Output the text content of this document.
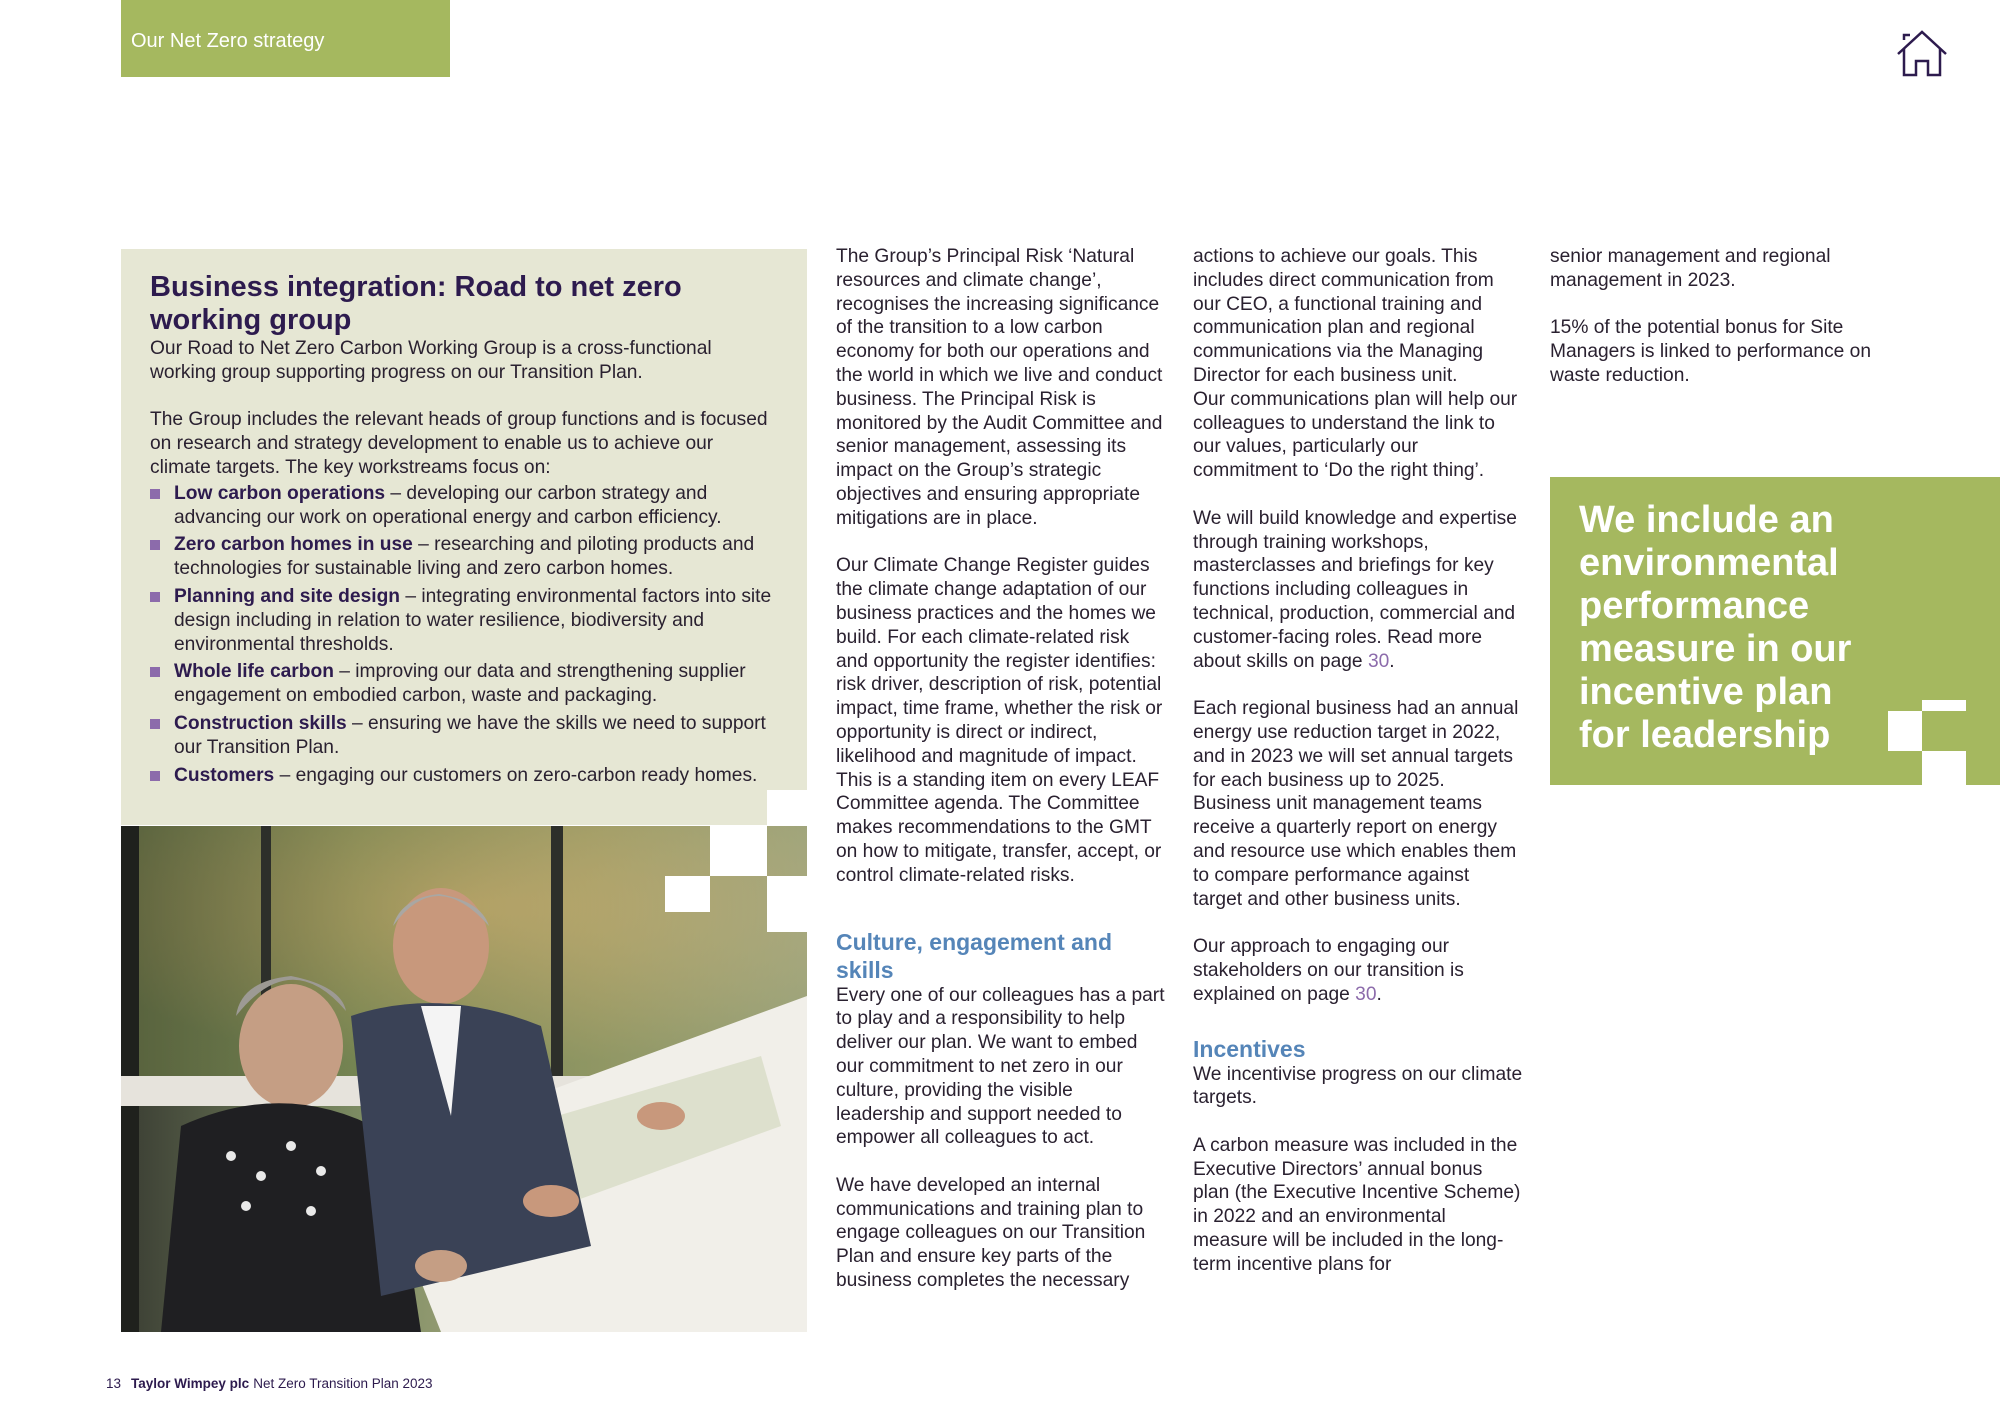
Our Net Zero strategy
Business integration: Road to net zero working group

Our Road to Net Zero Carbon Working Group is a cross-functional working group supporting progress on our Transition Plan.

The Group includes the relevant heads of group functions and is focused on research and strategy development to enable us to achieve our climate targets. The key workstreams focus on:

Low carbon operations – developing our carbon strategy and advancing our work on operational energy and carbon efficiency.
Zero carbon homes in use – researching and piloting products and technologies for sustainable living and zero carbon homes.
Planning and site design – integrating environmental factors into site design including in relation to water resilience, biodiversity and environmental thresholds.
Whole life carbon – improving our data and strengthening supplier engagement on embodied carbon, waste and packaging.
Construction skills – ensuring we have the skills we need to support our Transition Plan.
Customers – engaging our customers on zero-carbon ready homes.

The Group’s Principal Risk ‘Natural resources and climate change’, recognises the increasing significance of the transition to a low carbon economy for both our operations and the world in which we live and conduct business. The Principal Risk is monitored by the Audit Committee and senior management, assessing its impact on the Group’s strategic objectives and ensuring appropriate mitigations are in place.

Our Climate Change Register guides the climate change adaptation of our business practices and the homes we build. For each climate-related risk and opportunity the register identifies: risk driver, description of risk, potential impact, time frame, whether the risk or opportunity is direct or indirect, likelihood and magnitude of impact. This is a standing item on every LEAF Committee agenda. The Committee makes recommendations to the GMT on how to mitigate, transfer, accept, or control climate-related risks.

Culture, engagement and skills

Every one of our colleagues has a part to play and a responsibility to help deliver our plan. We want to embed our commitment to net zero in our culture, providing the visible leadership and support needed to empower all colleagues to act.

We have developed an internal communications and training plan to engage colleagues on our Transition Plan and ensure key parts of the business completes the necessary

actions to achieve our goals. This includes direct communication from our CEO, a functional training and communication plan and regional communications via the Managing Director for each business unit.

Our communications plan will help our colleagues to understand the link to our values, particularly our commitment to ‘Do the right thing’.

We will build knowledge and expertise through training workshops, masterclasses and briefings for key functions including colleagues in technical, production, commercial and customer-facing roles. Read more about skills on page 30.

Each regional business had an annual energy use reduction target in 2022, and in 2023 we will set annual targets for each business up to 2025. Business unit management teams receive a quarterly report on energy and resource use which enables them to compare performance against target and other business units.

Our approach to engaging our stakeholders on our transition is explained on page 30.

Incentives

We incentivise progress on our climate targets.

A carbon measure was included in the Executive Directors’ annual bonus plan (the Executive Incentive Scheme) in 2022 and an environmental measure will be included in the long-term incentive plans for

senior management and regional management in 2023.

15% of the potential bonus for Site Managers is linked to performance on waste reduction.

We include an environmental performance measure in our incentive plan for leadership
13 Taylor Wimpey plc Net Zero Transition Plan 2023
